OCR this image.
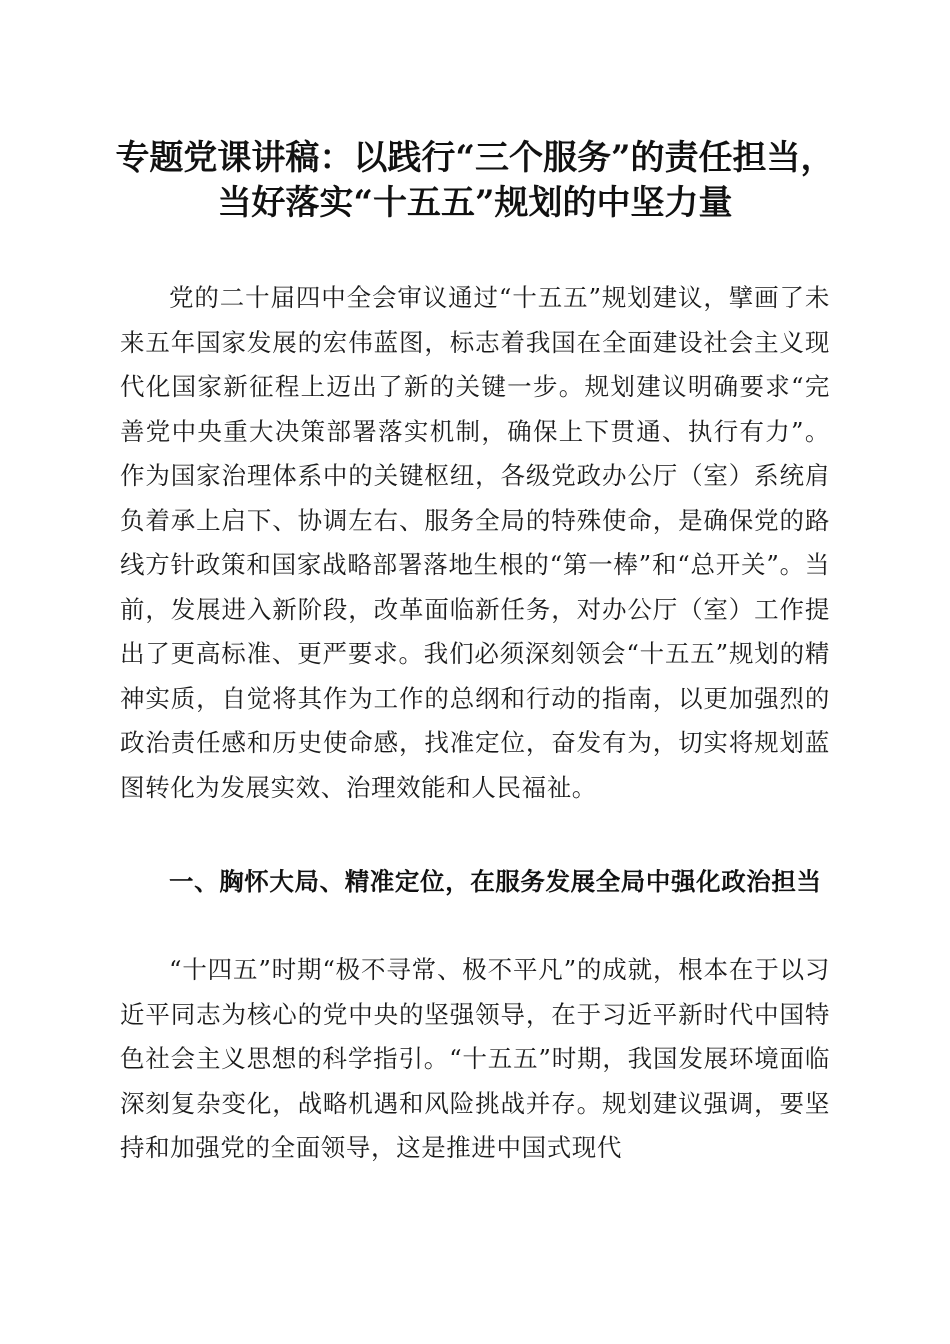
专题党课讲稿：以践行“三个服务”的责任担当，当好落实“十五五”规划的中坚力量

党的二十届四中全会审议通过“十五五”规划建议，擘画了未来五年国家发展的宏伟蓝图，标志着我国在全面建设社会主义现代化国家新征程上迈出了新的关键一步。规划建议明确要求“完善党中央重大决策部署落实机制，确保上下贯通、执行有力”。作为国家治理体系中的关键枢纽，各级党政办公厅（室）系统肩负着承上启下、协调左右、服务全局的特殊使命，是确保党的路线方针政策和国家战略部署落地生根的“第一棒”和“总开关”。当前，发展进入新阶段，改革面临新任务，对办公厅（室）工作提出了更高标准、更严要求。我们必须深刻领会“十五五”规划的精神实质，自觉将其作为工作的总纲和行动的指南，以更加强烈的政治责任感和历史使命感，找准定位，奋发有为，切实将规划蓝图转化为发展实效、治理效能和人民福祉。

一、胸怀大局、精准定位，在服务发展全局中强化政治担当

“十四五”时期“极不寻常、极不平凡”的成就，根本在于以习近平同志为核心的党中央的坚强领导，在于习近平新时代中国特色社会主义思想的科学指引。“十五五”时期，我国发展环境面临深刻复杂变化，战略机遇和风险挑战并存。规划建议强调，要坚持和加强党的全面领导，这是推进中国式现代
